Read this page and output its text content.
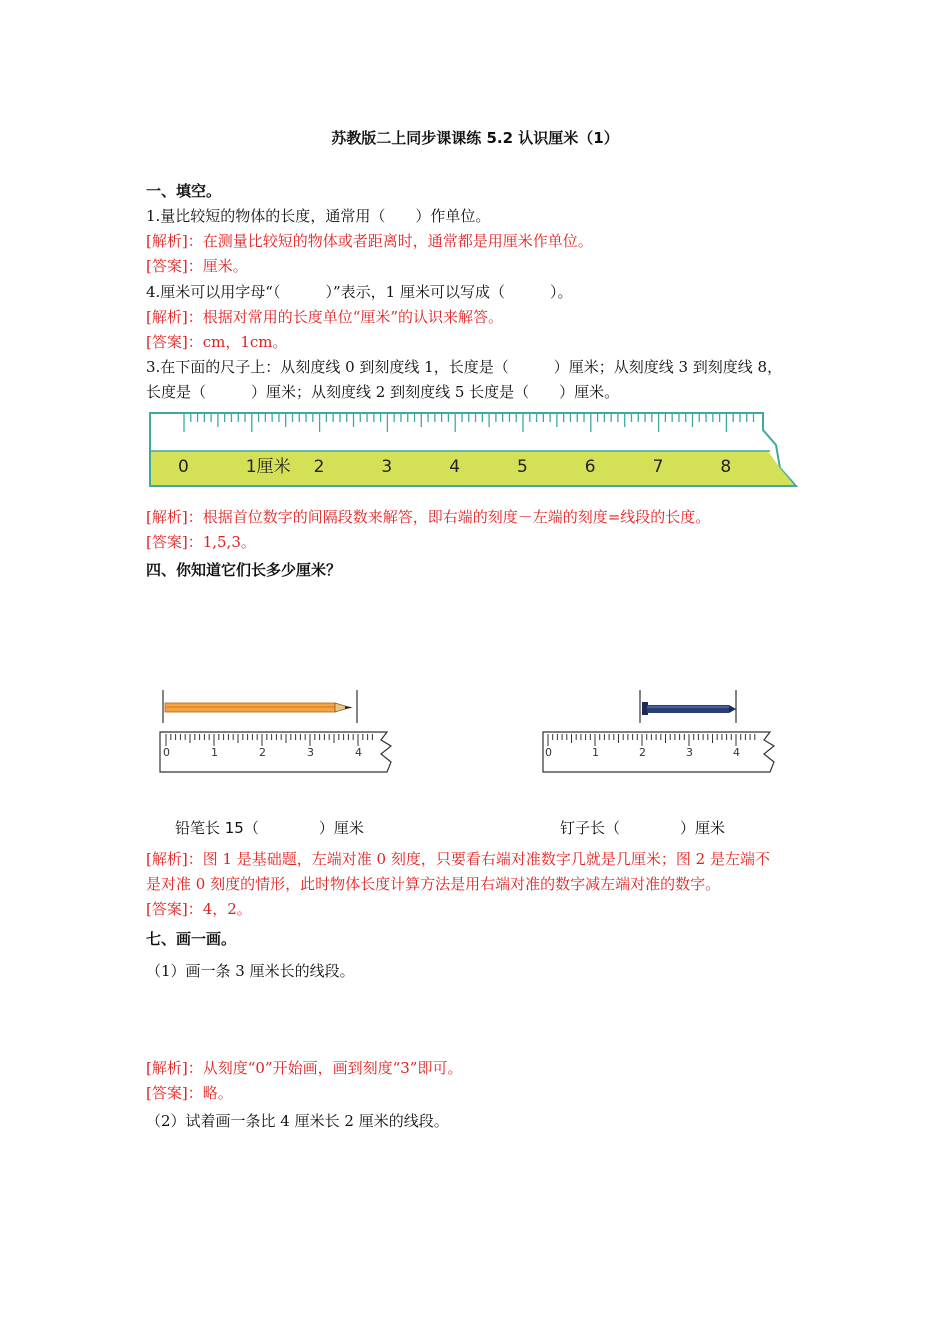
苏教版二上同步课课练 5.2 认识厘米（1）
一、填空。
1.量比较短的物体的长度，通常用（　　）作单位。
[解析]：在测量比较短的物体或者距离时，通常都是用厘米作单位。
[答案]：厘米。
4.厘米可以用字母“（　　　）”表示，1 厘米可以写成（　　　）。
[解析]：根据对常用的长度单位“厘米”的认识来解答。
[答案]：cm，1cm。
3.在下面的尺子上：从刻度线 0 到刻度线 1，长度是（　　　）厘米；从刻度线 3 到刻度线 8，
长度是（　　　）厘米；从刻度线 2 到刻度线 5 长度是（　　）厘米。
0	1厘米 2	3	4	5	6	7	8
[解析]：根据首位数字的间隔段数来解答，即右端的刻度－左端的刻度=线段的长度。
[答案]：1,5,3。
四、你知道它们长多少厘米？
0	1	2	3	4	0	1	2	3	4
铅笔长 15（　　　　）厘米	钉子长（　　　　）厘米
[解析]：图 1 是基础题，左端对准 0 刻度，只要看右端对准数字几就是几厘米；图 2 是左端不
是对准 0 刻度的情形，此时物体长度计算方法是用右端对准的数字减左端对准的数字。
[答案]：4，2。
七、画一画。
（1）画一条 3 厘米长的线段。
[解析]：从刻度“0”开始画，画到刻度“3”即可。
[答案]：略。
（2）试着画一条比 4 厘米长 2 厘米的线段。
